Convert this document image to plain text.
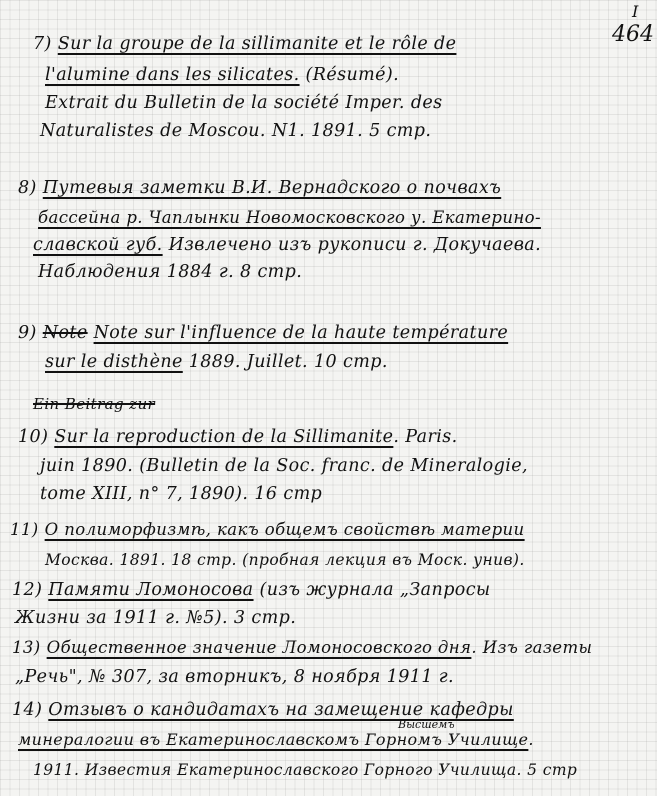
I
464
7) Sur la groupe de la sillimanite et le rôle de
l'alumine dans les silicates. (Résumé).
Extrait du Bulletin de la société Imper. des
Naturalistes de Moscou. N1. 1891. 5 стр.
8) Путевыя заметки В.И. Вернадского о почвахъ
бассейна р. Чаплынки Новомосковского у. Екатерино-
славской губ. Извлечено изъ рукописи г. Докучаева.
Наблюдения 1884 г. 8 стр.
9) Note Note sur l'influence de la haute température
sur le disthène 1889. Juillet. 10 стр.
Ein Beitrag zur
10) Sur la reproduction de la Sillimanite. Paris.
juin 1890. (Bulletin de la Soc. franc. de Mineralogie,
tome XIII, n° 7, 1890). 16 стр
11) О полиморфизмѣ, какъ общемъ свойствѣ материи
Москва. 1891. 18 стр. (пробная лекция въ Моск. унив).
12) Памяти Ломоносова (изъ журнала „Запросы
Жизни за 1911 г. №5). 3 стр.
13) Общественное значение Ломоносовского дня. Изъ газеты
„Речь", № 307, за вторникъ, 8 ноября 1911 г.
14) Отзывъ о кандидатахъ на замещение кафедры
Высшемъ
минералогии въ Екатеринославскомъ Горномъ Училище.
1911. Известия Екатеринославского Горного Училища. 5 стр
